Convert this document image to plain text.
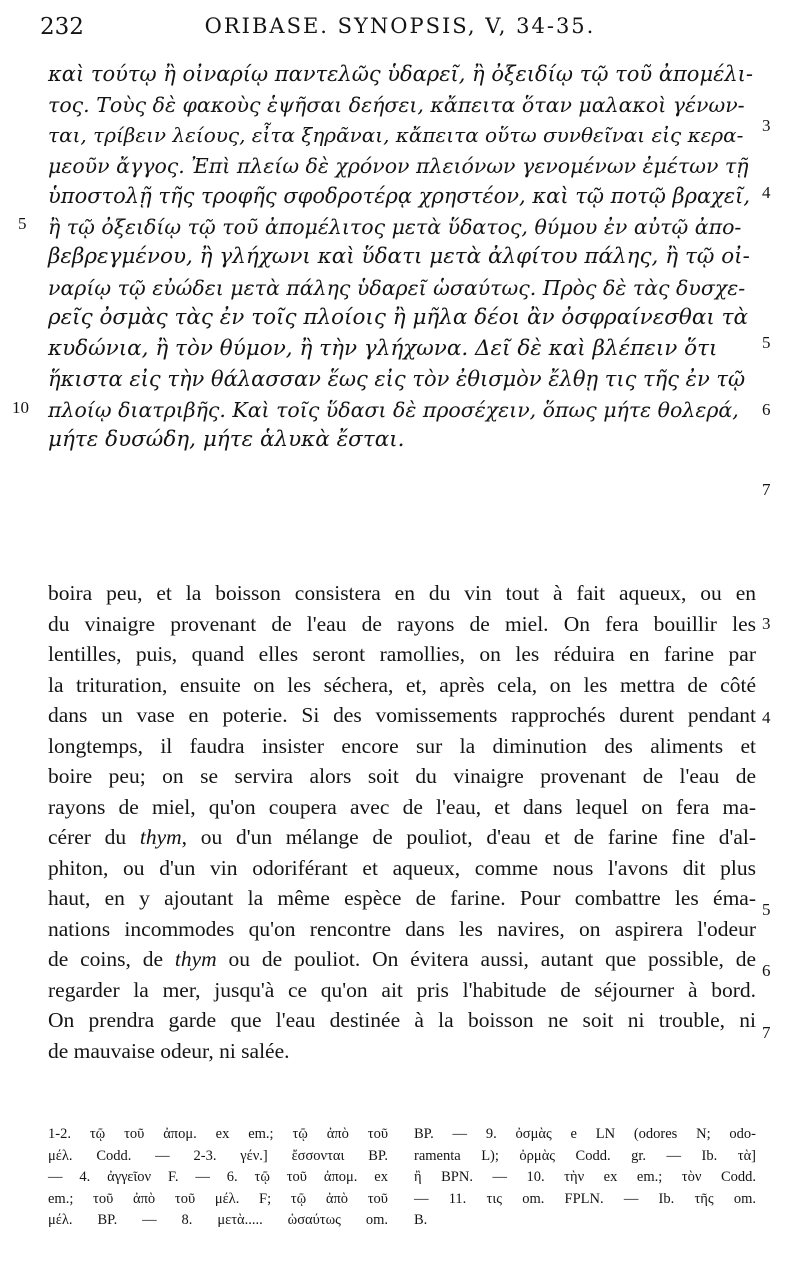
232	ORIBASE. SYNOPSIS, V, 34-35.
καὶ τούτῳ ἢ οἰναρίῳ παντελῶς ὑδαρεῖ, ἢ ὀξειδίῳ τῷ τοῦ ἀπομέλι-
τος. Τοὺς δὲ φακοὺς ἑψῆσαι δεήσει, κἄπειτα ὅταν μαλακοὶ γένων-
ται, τρίβειν λείους, εἶτα ξηρᾶναι, κἄπειτα οὕτω συνθεῖναι εἰς κερα-
μεοῦν ἄγγος. Ἐπὶ πλείω δὲ χρόνον πλειόνων γενομένων ἐμέτων τῇ
ὑποστολῇ τῆς τροφῆς σφοδροτέρᾳ χρηστέον, καὶ τῷ ποτῷ βραχεῖ,
ἢ τῷ ὀξειδίῳ τῷ τοῦ ἀπομέλιτος μετὰ ὕδατος, θύμου ἐν αὐτῷ ἀπο-
βεβρεγμένου, ἢ γλήχωνι καὶ ὕδατι μετὰ ἀλφίτου πάλης, ἢ τῷ οἰ-
ναρίῳ τῷ εὐώδει μετὰ πάλης ὑδαρεῖ ὡσαύτως. Πρὸς δὲ τὰς δυσχε-
ρεῖς ὀσμὰς τὰς ἐν τοῖς πλοίοις ἢ μῆλα δέοι ἂν ὀσφραίνεσθαι τὰ
κυδώνια, ἢ τὸν θύμον, ἢ τὴν γλήχωνα. Δεῖ δὲ καὶ βλέπειν ὅτι
ἥκιστα εἰς τὴν θάλασσαν ἕως εἰς τὸν ἐθισμὸν ἔλθῃ τις τῆς ἐν τῷ
πλοίῳ διατριβῆς. Καὶ τοῖς ὕδασι δὲ προσέχειν, ὅπως μήτε θολερά,
μήτε δυσώδη, μήτε ἁλυκὰ ἔσται.
5
10
3
4
5
6
7
boira peu, et la boisson consistera en du vin tout à fait aqueux, ou en
du vinaigre provenant de l'eau de rayons de miel. On fera bouillir les
lentilles, puis, quand elles seront ramollies, on les réduira en farine par
la trituration, ensuite on les séchera, et, après cela, on les mettra de côté
dans un vase en poterie. Si des vomissements rapprochés durent pendant
longtemps, il faudra insister encore sur la diminution des aliments et
boire peu; on se servira alors soit du vinaigre provenant de l'eau de
rayons de miel, qu'on coupera avec de l'eau, et dans lequel on fera ma-
cérer du thym, ou d'un mélange de pouliot, d'eau et de farine fine d'al-
phiton, ou d'un vin odoriférant et aqueux, comme nous l'avons dit plus
haut, en y ajoutant la même espèce de farine. Pour combattre les éma-
nations incommodes qu'on rencontre dans les navires, on aspirera l'odeur
de coins, de thym ou de pouliot. On évitera aussi, autant que possible, de
regarder la mer, jusqu'à ce qu'on ait pris l'habitude de séjourner à bord.
On prendra garde que l'eau destinée à la boisson ne soit ni trouble, ni
de mauvaise odeur, ni salée.
3
4
5
6
7
1-2. τῷ τοῦ ἀπομ. ex em.; τῷ ἀπὸ τοῦ
μέλ. Codd. — 2-3. γέν.] ἔσσονται BP.
— 4. ἀγγεῖον F. — 6. τῷ τοῦ ἀπομ. ex
em.; τοῦ ἀπὸ τοῦ μέλ. F; τῷ ἀπὸ τοῦ
μέλ. BP. — 8. μετὰ..... ὡσαύτως om.
BP. — 9. ὀσμὰς e LN (odores N; odo-
ramenta L); ὀρμὰς Codd. gr. — Ib. τὰ]
ἢ BPN. — 10. τὴν ex em.; τὸν Codd.
— 11. τις om. FPLN. — Ib. τῆς om.
B.
